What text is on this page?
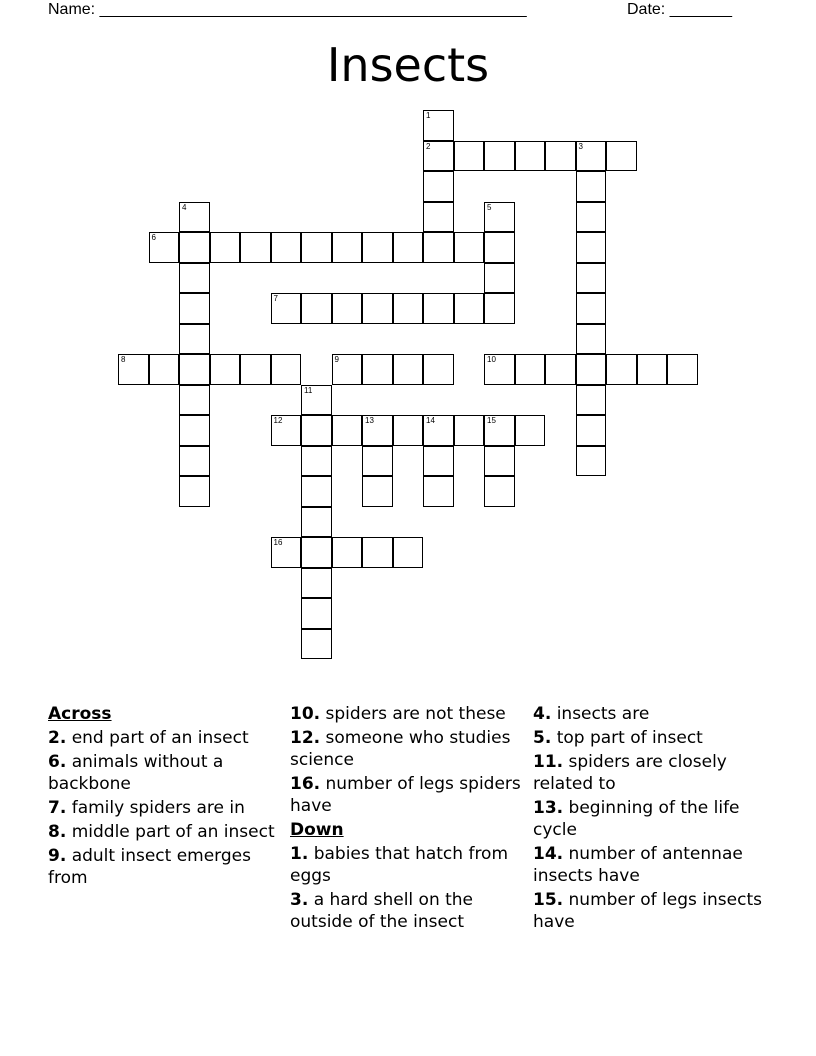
Name: ________________________________________________	Date: _______
Insects
1
2	3
4	5
6
7
8	9	10
11
12	13	14	15
16
Across
2. end part of an insect
6. animals without a backbone
7. family spiders are in
8. middle part of an insect
9. adult insect emerges from
10. spiders are not these
12. someone who studies science
16. number of legs spiders have
Down
1. babies that hatch from eggs
3. a hard shell on the outside of the insect
4. insects are
5. top part of insect
11. spiders are closely related to
13. beginning of the life cycle
14. number of antennae insects have
15. number of legs insects have
